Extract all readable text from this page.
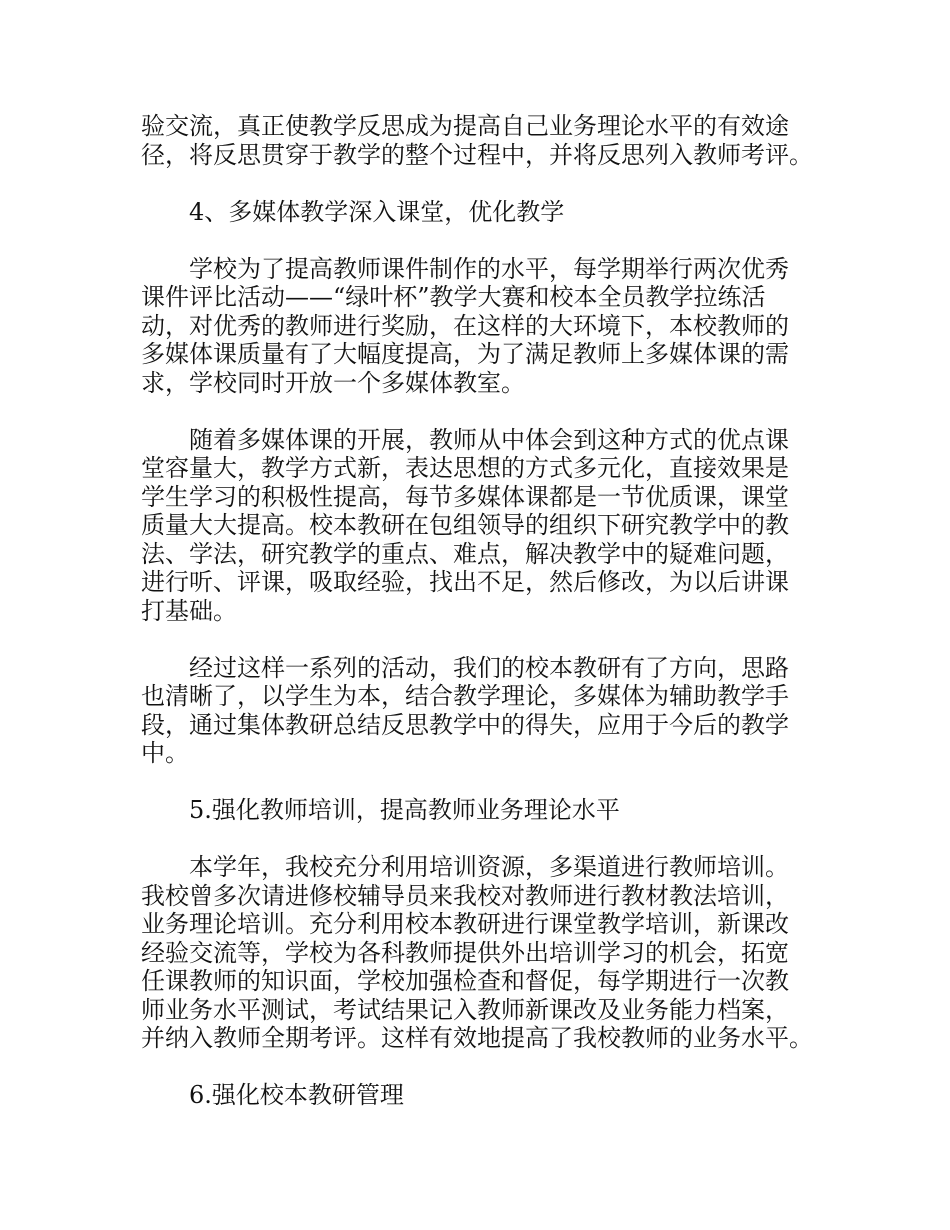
验交流，真正使教学反思成为提高自己业务理论水平的有效途
径，将反思贯穿于教学的整个过程中，并将反思列入教师考评。
4、多媒体教学深入课堂，优化教学
学校为了提高教师课件制作的水平，每学期举行两次优秀
课件评比活动——“绿叶杯”教学大赛和校本全员教学拉练活
动，对优秀的教师进行奖励，在这样的大环境下，本校教师的
多媒体课质量有了大幅度提高，为了满足教师上多媒体课的需
求，学校同时开放一个多媒体教室。
随着多媒体课的开展，教师从中体会到这种方式的优点课
堂容量大，教学方式新，表达思想的方式多元化，直接效果是
学生学习的积极性提高，每节多媒体课都是一节优质课，课堂
质量大大提高。校本教研在包组领导的组织下研究教学中的教
法、学法，研究教学的重点、难点，解决教学中的疑难问题，
进行听、评课，吸取经验，找出不足，然后修改，为以后讲课
打基础。
经过这样一系列的活动，我们的校本教研有了方向，思路
也清晰了，以学生为本，结合教学理论，多媒体为辅助教学手
段，通过集体教研总结反思教学中的得失，应用于今后的教学
中。
5.强化教师培训，提高教师业务理论水平
本学年，我校充分利用培训资源，多渠道进行教师培训。
我校曾多次请进修校辅导员来我校对教师进行教材教法培训，
业务理论培训。充分利用校本教研进行课堂教学培训，新课改
经验交流等，学校为各科教师提供外出培训学习的机会，拓宽
任课教师的知识面，学校加强检查和督促，每学期进行一次教
师业务水平测试，考试结果记入教师新课改及业务能力档案，
并纳入教师全期考评。这样有效地提高了我校教师的业务水平。
6.强化校本教研管理
